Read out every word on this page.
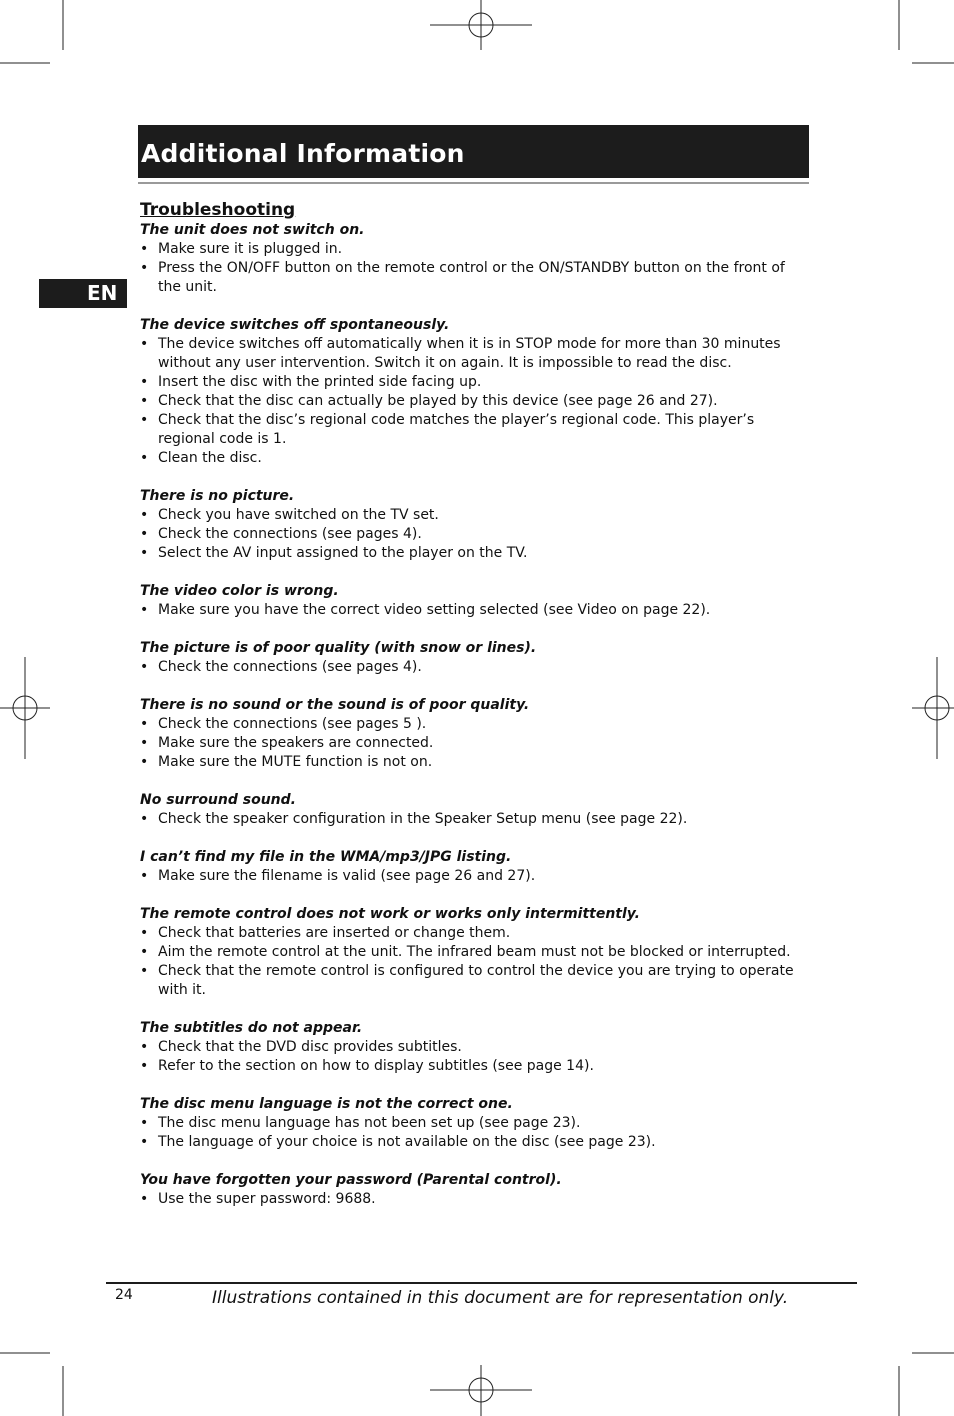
Additional Information
EN
Troubleshooting
The unit does not switch on.
• Make sure it is plugged in.
• Press the ON/OFF button on the remote control or the ON/STANDBY button on the front of the unit.
The device switches off spontaneously.
• The device switches off automatically when it is in STOP mode for more than 30 minutes without any user intervention. Switch it on again. It is impossible to read the disc.
• Insert the disc with the printed side facing up.
• Check that the disc can actually be played by this device (see page 26 and 27).
• Check that the disc’s regional code matches the player’s regional code. This player’s regional code is 1.
• Clean the disc.
There is no picture.
• Check you have switched on the TV set.
• Check the connections (see pages 4).
• Select the AV input assigned to the player on the TV.
The video color is wrong.
• Make sure you have the correct video setting selected (see Video on page 22).
The picture is of poor quality (with snow or lines).
• Check the connections (see pages 4).
There is no sound or the sound is of poor quality.
• Check the connections (see pages 5 ).
• Make sure the speakers are connected.
• Make sure the MUTE function is not on.
No surround sound.
• Check the speaker configuration in the Speaker Setup menu (see page 22).
I can’t find my file in the WMA/mp3/JPG listing.
• Make sure the filename is valid (see page 26 and 27).
The remote control does not work or works only intermittently.
• Check that batteries are inserted or change them.
• Aim the remote control at the unit. The infrared beam must not be blocked or interrupted.
• Check that the remote control is configured to control the device you are trying to operate with it.
The subtitles do not appear.
• Check that the DVD disc provides subtitles.
• Refer to the section on how to display subtitles (see page 14).
The disc menu language is not the correct one.
• The disc menu language has not been set up (see page 23).
• The language of your choice is not available on the disc (see page 23).
You have forgotten your password (Parental control).
• Use the super password: 9688.
24	Illustrations contained in this document are for representation only.
